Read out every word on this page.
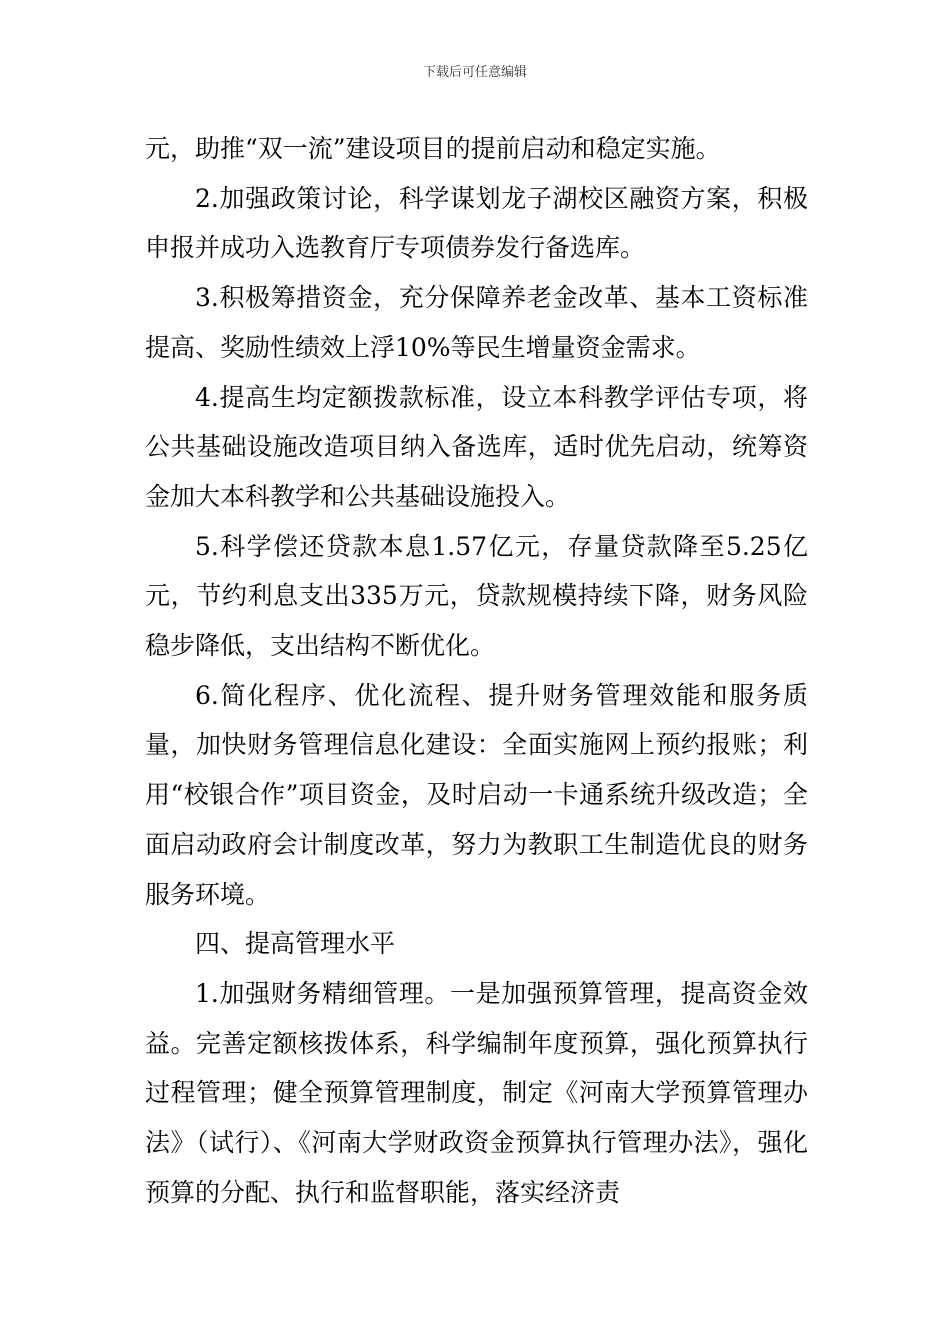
下载后可任意编辑

元，助推“双一流”建设项目的提前启动和稳定实施。

2.加强政策讨论，科学谋划龙子湖校区融资方案，积极申报并成功入选教育厅专项债券发行备选库。

3.积极筹措资金，充分保障养老金改革、基本工资标准提高、奖励性绩效上浮10%等民生增量资金需求。

4.提高生均定额拨款标准，设立本科教学评估专项，将公共基础设施改造项目纳入备选库，适时优先启动，统筹资金加大本科教学和公共基础设施投入。

5.科学偿还贷款本息1.57亿元，存量贷款降至5.25亿元，节约利息支出335万元，贷款规模持续下降，财务风险稳步降低，支出结构不断优化。

6.简化程序、优化流程、提升财务管理效能和服务质量，加快财务管理信息化建设：全面实施网上预约报账；利用“校银合作”项目资金，及时启动一卡通系统升级改造；全面启动政府会计制度改革，努力为教职工生制造优良的财务服务环境。

四、提高管理水平

1.加强财务精细管理。一是加强预算管理，提高资金效益。完善定额核拨体系，科学编制年度预算，强化预算执行过程管理；健全预算管理制度，制定《河南大学预算管理办法》（试行）、《河南大学财政资金预算执行管理办法》，强化预算的分配、执行和监督职能，落实经济责
